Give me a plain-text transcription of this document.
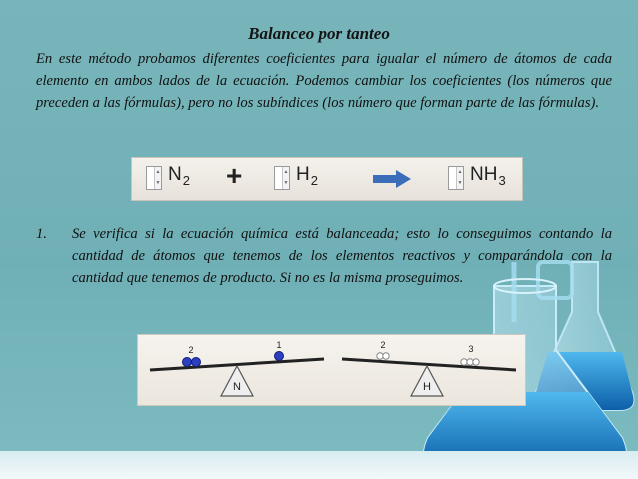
Balanceo por tanteo
En este método probamos diferentes coeficientes para igualar el número de átomos de cada elemento en ambos lados de la ecuación. Podemos cambiar los coeficientes (los números que preceden a las fórmulas), pero no los subíndices (los número que forman parte de las fórmulas).
▲
▼ $N_2$ +	▲
▼ $H_2$
▲
▼ $NH_3$
1. Se verifica si la ecuación química está balanceada; esto lo conseguimos contando la cantidad de átomos que tenemos de los elementos reactivos y comparándola con la cantidad que tenemos de producto. Si no es la misma proseguimos.
N
2	1
H
2	3
